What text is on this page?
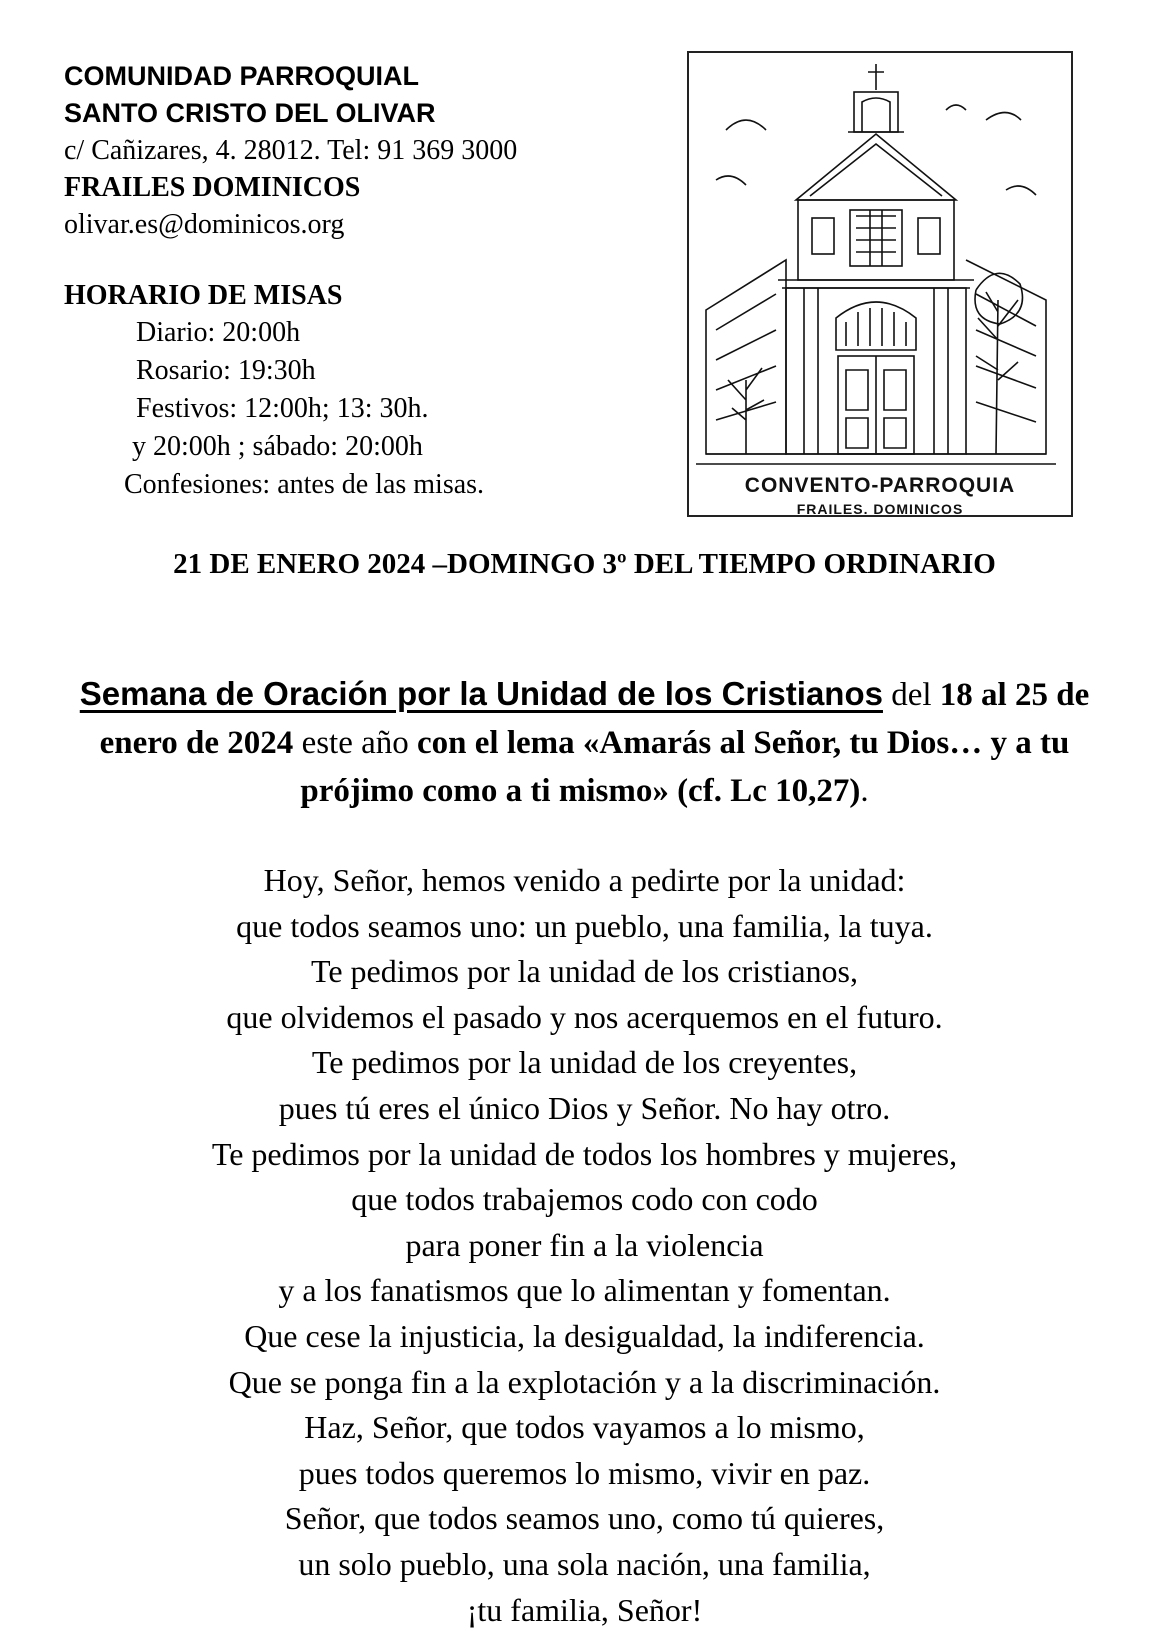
COMUNIDAD PARROQUIAL
SANTO CRISTO DEL OLIVAR
c/ Cañizares, 4. 28012. Tel: 91 369 3000
FRAILES DOMINICOS
olivar.es@dominicos.org
HORARIO DE MISAS
Diario: 20:00h
Rosario: 19:30h
Festivos: 12:00h; 13: 30h.
y 20:00h ; sábado: 20:00h
Confesiones: antes de las misas.	CONVENTO-PARROQUIA
FRAILES. DOMINICOS
21 DE ENERO 2024 –DOMINGO 3º DEL TIEMPO ORDINARIO
Semana de Oración por la Unidad de los Cristianos del 18 al 25 de enero de 2024 este año con el lema «Amarás al Señor, tu Dios… y a tu prójimo como a ti mismo» (cf. Lc 10,27).
Hoy, Señor, hemos venido a pedirte por la unidad:
que todos seamos uno: un pueblo, una familia, la tuya.
Te pedimos por la unidad de los cristianos,
que olvidemos el pasado y nos acerquemos en el futuro.
Te pedimos por la unidad de los creyentes,
pues tú eres el único Dios y Señor. No hay otro.
Te pedimos por la unidad de todos los hombres y mujeres,
que todos trabajemos codo con codo
para poner fin a la violencia
y a los fanatismos que lo alimentan y fomentan.
Que cese la injusticia, la desigualdad, la indiferencia.
Que se ponga fin a la explotación y a la discriminación.
Haz, Señor, que todos vayamos a lo mismo,
pues todos queremos lo mismo, vivir en paz.
Señor, que todos seamos uno, como tú quieres,
un solo pueblo, una sola nación, una familia,
¡tu familia, Señor!
